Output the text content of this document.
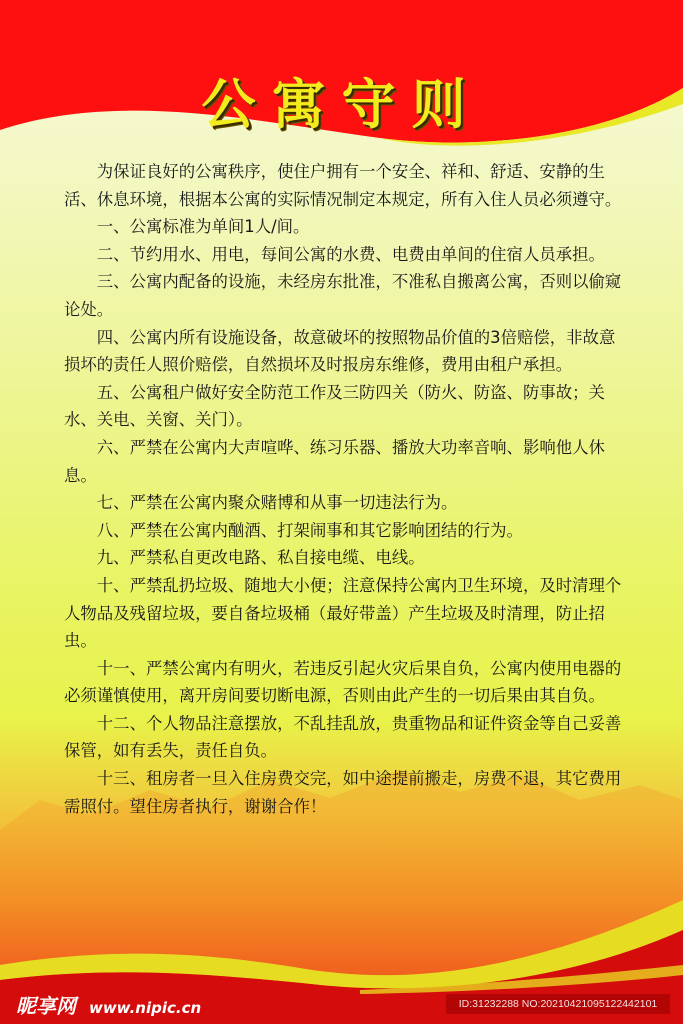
公寓守则

为保证良好的公寓秩序，使住户拥有一个安全、祥和、舒适、安静的生活、休息环境，根据本公寓的实际情况制定本规定，所有入住人员必须遵守。

一、公寓标准为单间1人/间。

二、节约用水、用电，每间公寓的水费、电费由单间的住宿人员承担。

三、公寓内配备的设施，未经房东批准，不准私自搬离公寓，否则以偷窥论处。

四、公寓内所有设施设备，故意破坏的按照物品价值的3倍赔偿，非故意损坏的责任人照价赔偿，自然损坏及时报房东维修，费用由租户承担。

五、公寓租户做好安全防范工作及三防四关（防火、防盗、防事故；关水、关电、关窗、关门）。

六、严禁在公寓内大声喧哗、练习乐器、播放大功率音响、影响他人休息。

七、严禁在公寓内聚众赌博和从事一切违法行为。

八、严禁在公寓内酗酒、打架闹事和其它影响团结的行为。

九、严禁私自更改电路、私自接电缆、电线。

十、严禁乱扔垃圾、随地大小便；注意保持公寓内卫生环境，及时清理个人物品及残留垃圾，要自备垃圾桶（最好带盖）产生垃圾及时清理，防止招虫。

十一、严禁公寓内有明火，若违反引起火灾后果自负，公寓内使用电器的必须谨慎使用，离开房间要切断电源，否则由此产生的一切后果由其自负。

十二、个人物品注意摆放，不乱挂乱放，贵重物品和证件资金等自己妥善保管，如有丢失，责任自负。

十三、租房者一旦入住房费交完，如中途提前搬走，房费不退，其它费用需照付。望住房者执行，谢谢合作！

昵享网 www.nipic.cn	ID:31232288 NO:20210421095122442101
